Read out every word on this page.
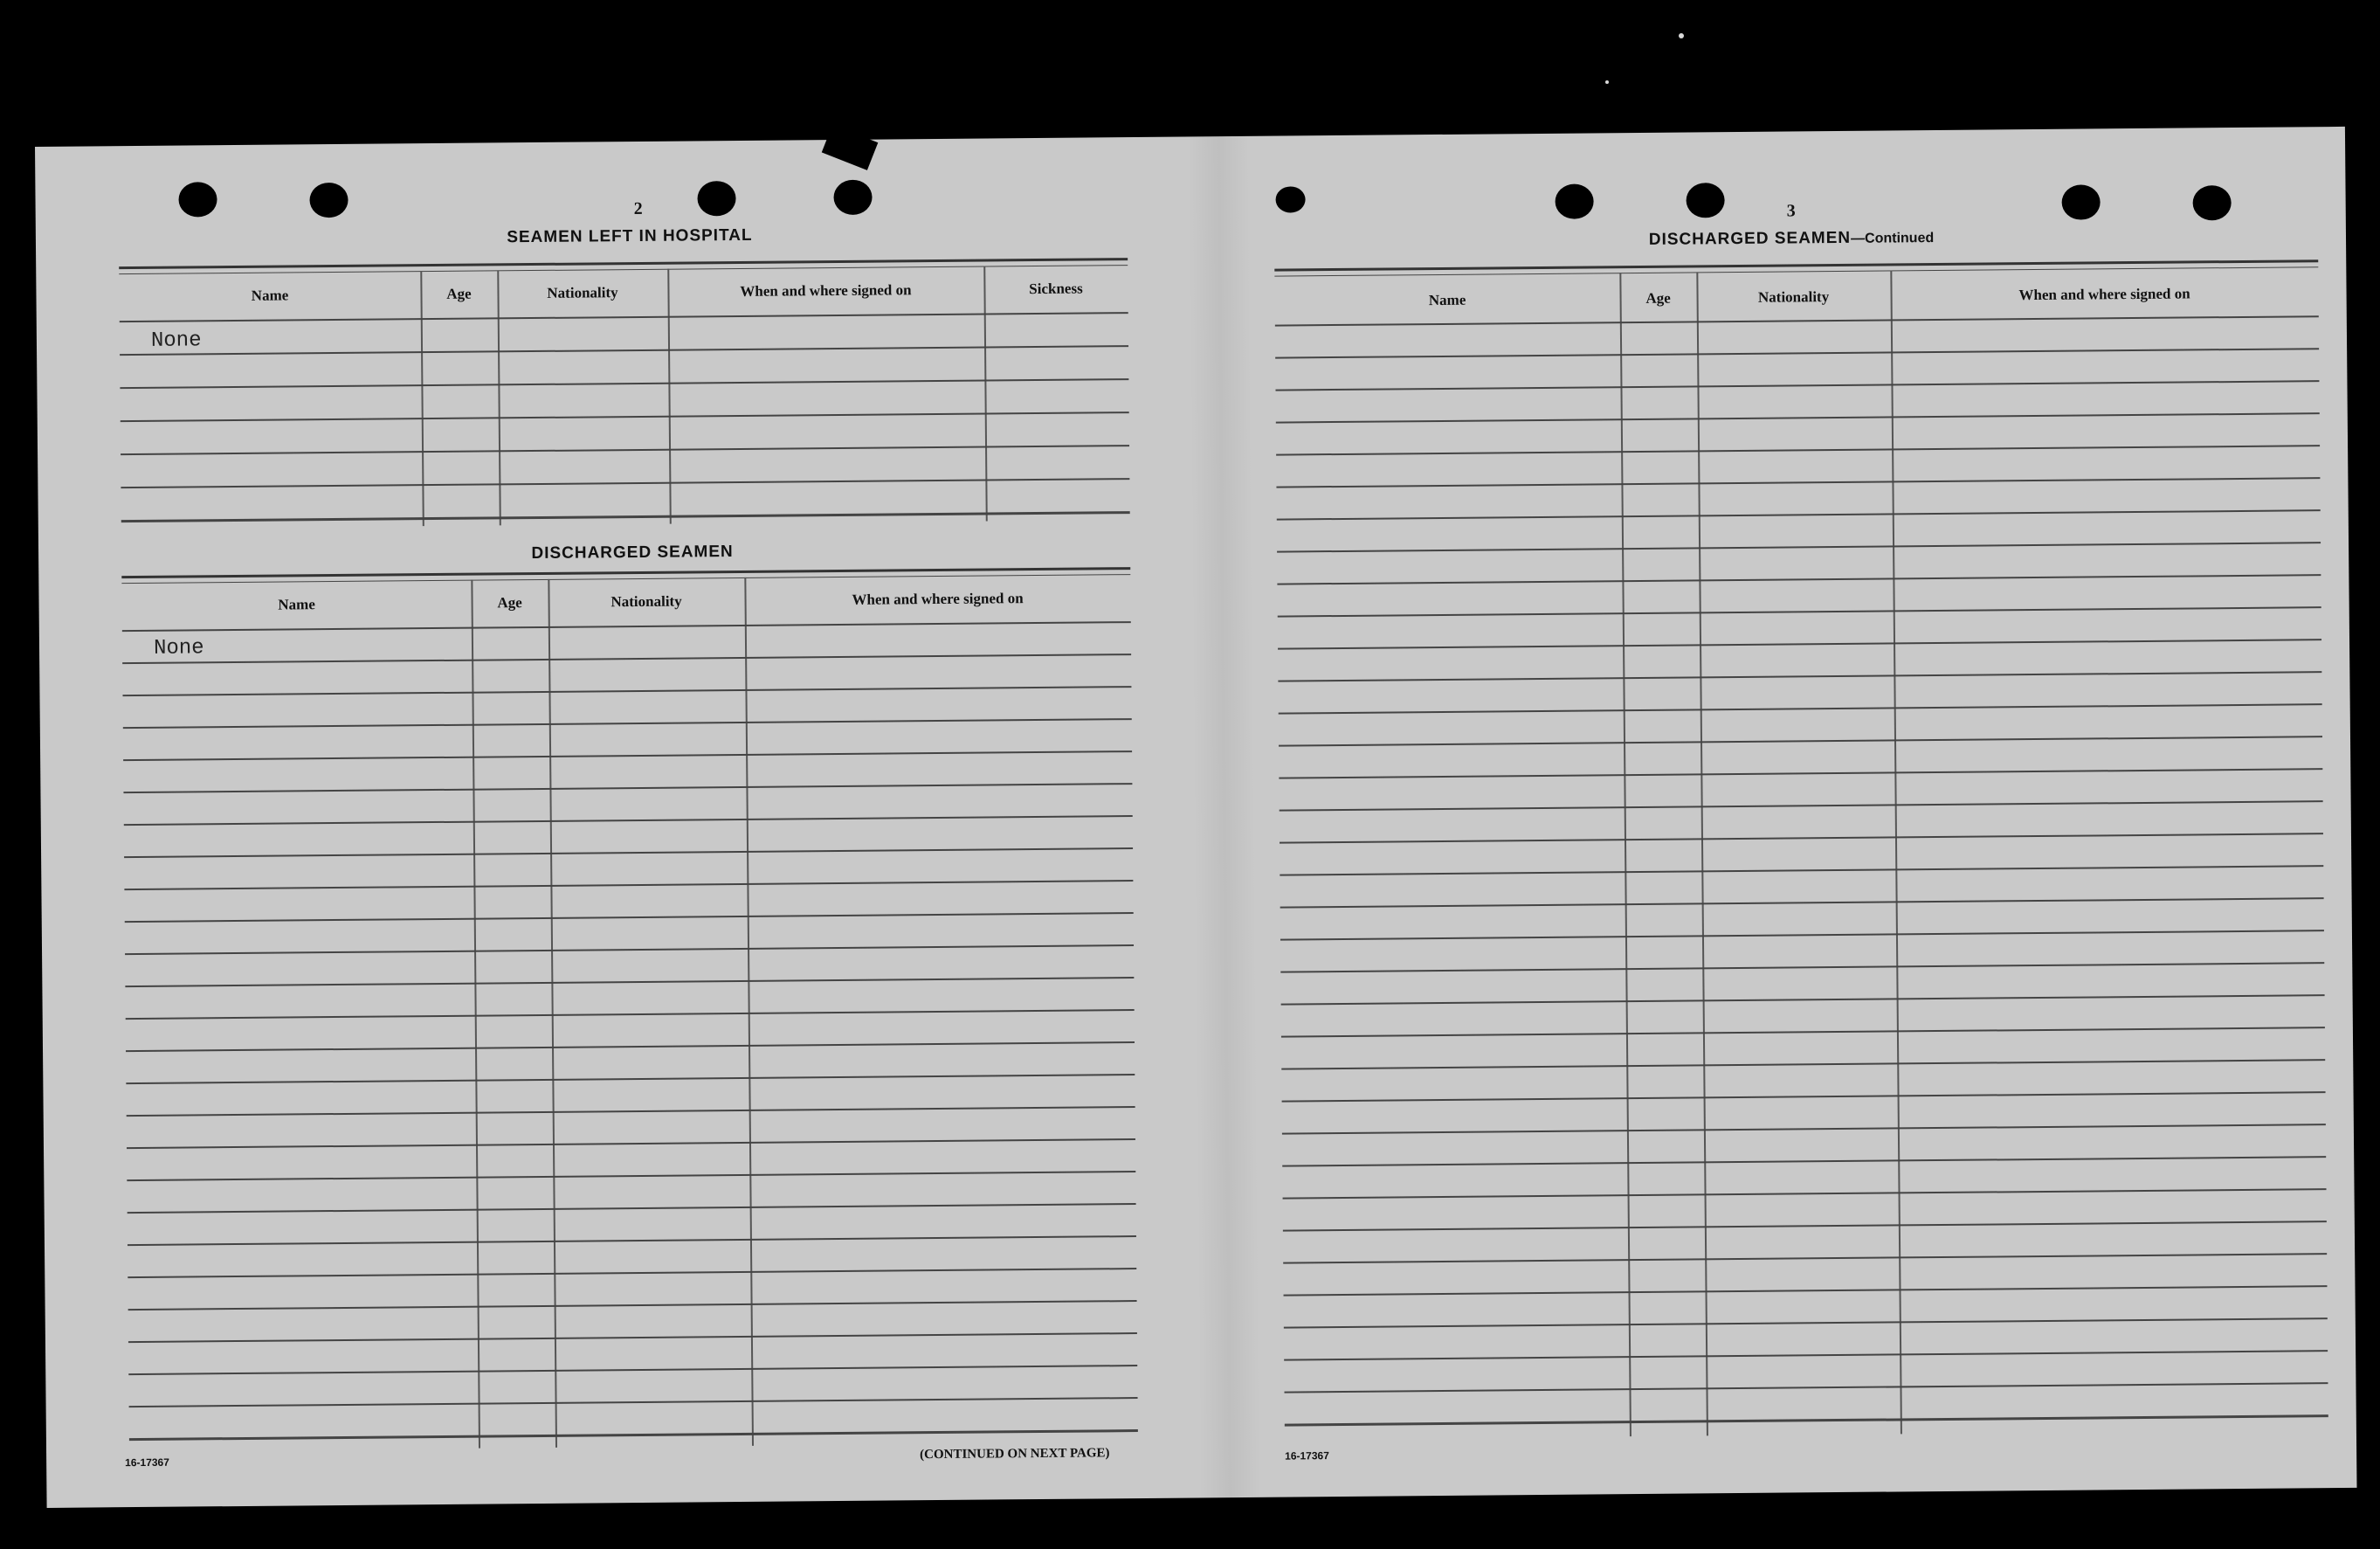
2
SEAMEN LEFT IN HOSPITAL
Name	Age	Nationality	When and where signed on	Sickness
None
DISCHARGED SEAMEN
Name	Age	Nationality	When and where signed on
None
16-17367
(CONTINUED ON NEXT PAGE)
3
DISCHARGED SEAMEN—Continued
Name	Age	Nationality	When and where signed on
16-17367
